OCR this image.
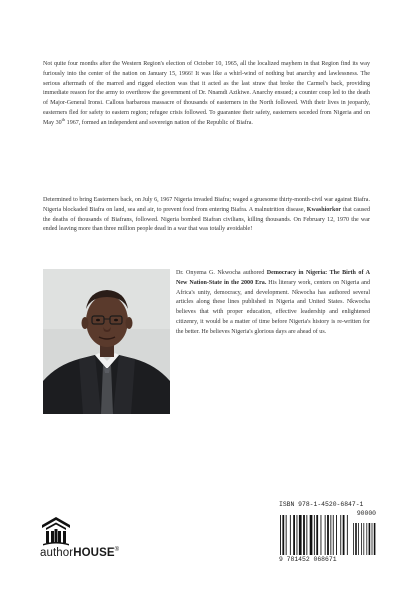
Not quite four months after the Western Region's election of October 10, 1965, all the localized mayhem in that Region find its way furiously into the center of the nation on January 15, 1966! It was like a whirl-wind of nothing but anarchy and lawlessness. The serious aftermath of the marred and rigged election was that it acted as the last straw that broke the Carmel's back, providing immediate reason for the army to overthrow the government of Dr. Nnamdi Azikiwe. Anarchy ensued; a counter coup led to the death of Major-General Ironsi. Callous barbarous massacre of thousands of easterners in the North followed. With their lives in jeopardy, easterners fled for safety to eastern region; refugee crisis followed. To guarantee their safety, easterners seceded from Nigeria and on May 30th 1967, formed an independent and sovereign nation of the Republic of Biafra.
Determined to bring Easterners back, on July 6, 1967 Nigeria invaded Biafra; waged a gruesome thirty-month-civil war against Biafra. Nigeria blockaded Biafra on land, sea and air, to prevent food from entering Biafra. A malnutrition disease, Kwashiorkor that caused the deaths of thousands of Biafrans, followed. Nigeria bombed Biafran civilians, killing thousands. On February 12, 1970 the war ended leaving more than three million people dead in a war that was totally avoidable!
Dr. Onyema G. Nkwocha authored Democracy in Nigeria: The Birth of A New Nation-State in the 2000 Era. His literary work, centers on Nigeria and Africa's unity, democracy, and development. Nkwocha has authored several articles along these lines published in Nigeria and United States. Nkwocha believes that with proper education, effective leadership and enlightened citizenry, it would be a matter of time before Nigeria's history is re-written for the better. He believes Nigeria's glorious days are ahead of us.
authorHOUSE®
ISBN 978-1-4520-6847-1
90000
9 781452 068671
